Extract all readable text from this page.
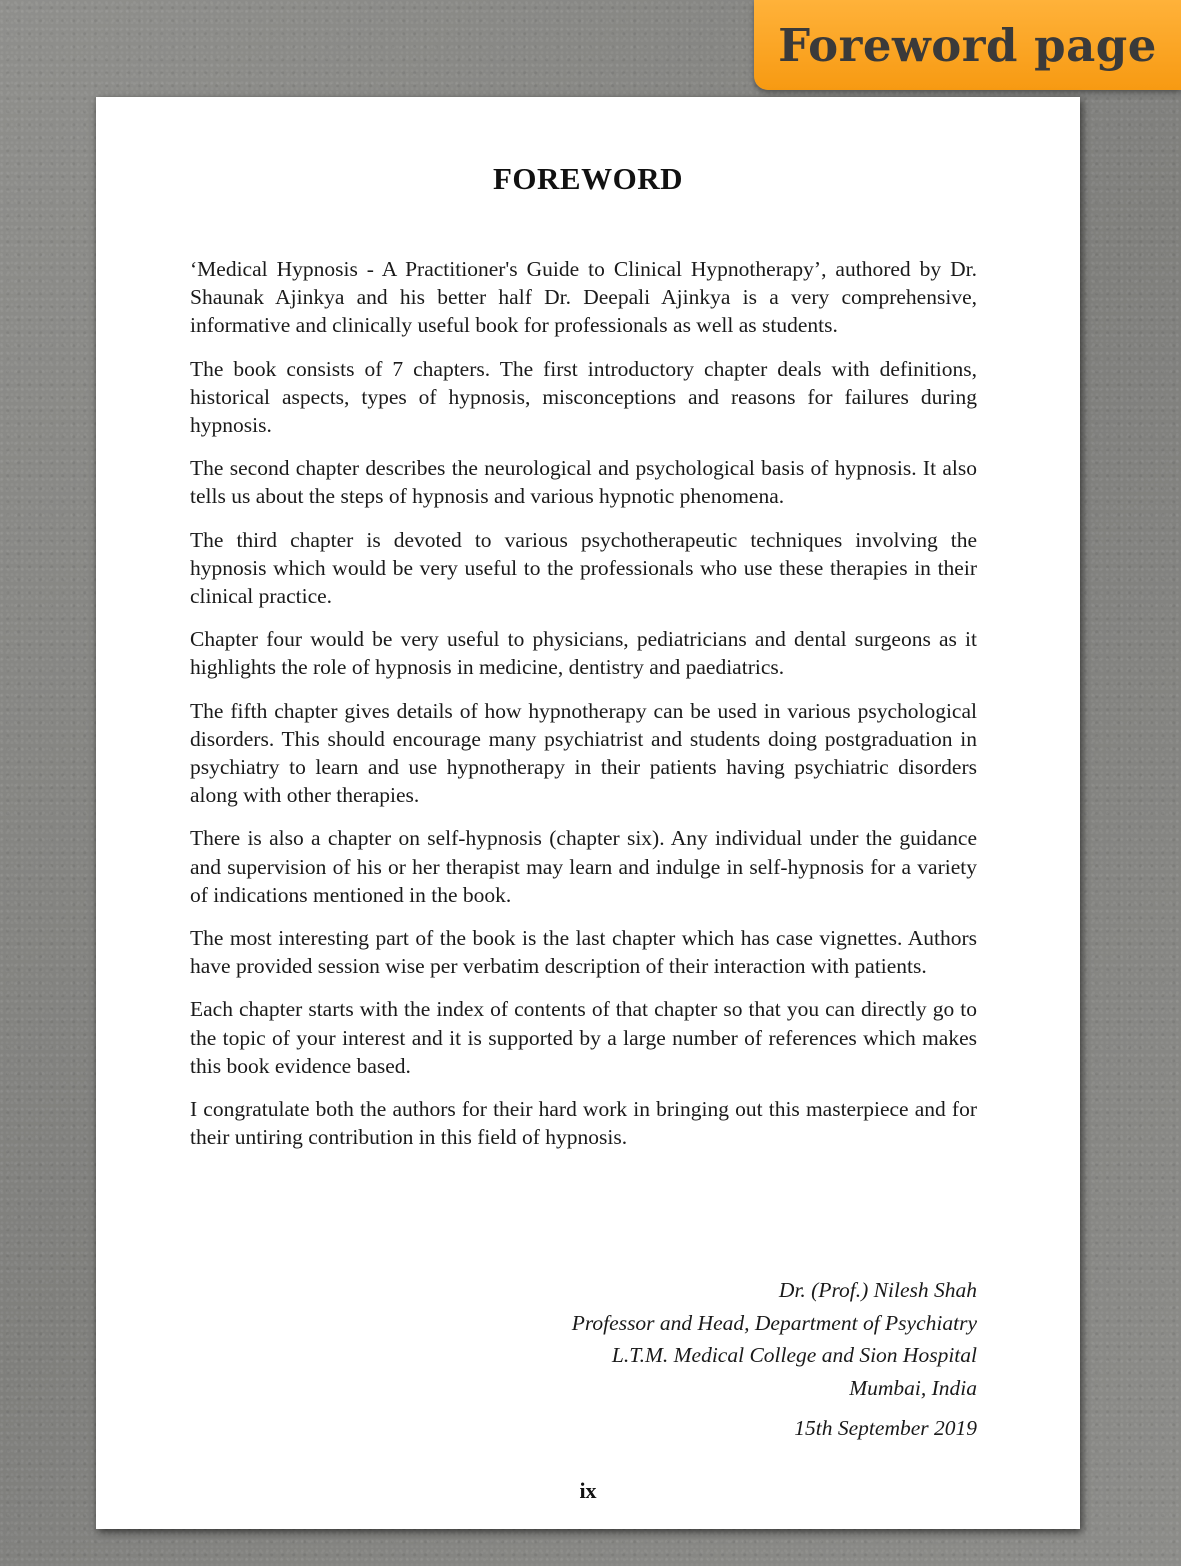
Foreword page
FOREWORD

‘Medical Hypnosis - A Practitioner's Guide to Clinical Hypnotherapy’, authored by Dr. Shaunak Ajinkya and his better half Dr. Deepali Ajinkya is a very comprehensive, informative and clinically useful book for professionals as well as students.

The book consists of 7 chapters. The first introductory chapter deals with definitions, historical aspects, types of hypnosis, misconceptions and reasons for failures during hypnosis.

The second chapter describes the neurological and psychological basis of hypnosis. It also tells us about the steps of hypnosis and various hypnotic phenomena.

The third chapter is devoted to various psychotherapeutic techniques involving the hypnosis which would be very useful to the professionals who use these therapies in their clinical practice.

Chapter four would be very useful to physicians, pediatricians and dental surgeons as it highlights the role of hypnosis in medicine, dentistry and paediatrics.

The fifth chapter gives details of how hypnotherapy can be used in various psychological disorders. This should encourage many psychiatrist and students doing postgraduation in psychiatry to learn and use hypnotherapy in their patients having psychiatric disorders along with other therapies.

There is also a chapter on self-hypnosis (chapter six). Any individual under the guidance and supervision of his or her therapist may learn and indulge in self-hypnosis for a variety of indications mentioned in the book.

The most interesting part of the book is the last chapter which has case vignettes. Authors have provided session wise per verbatim description of their interaction with patients.

Each chapter starts with the index of contents of that chapter so that you can directly go to the topic of your interest and it is supported by a large number of references which makes this book evidence based.

I congratulate both the authors for their hard work in bringing out this masterpiece and for their untiring contribution in this field of hypnosis.

Dr. (Prof.) Nilesh Shah
Professor and Head, Department of Psychiatry
L.T.M. Medical College and Sion Hospital
Mumbai, India
15th September 2019
ix
